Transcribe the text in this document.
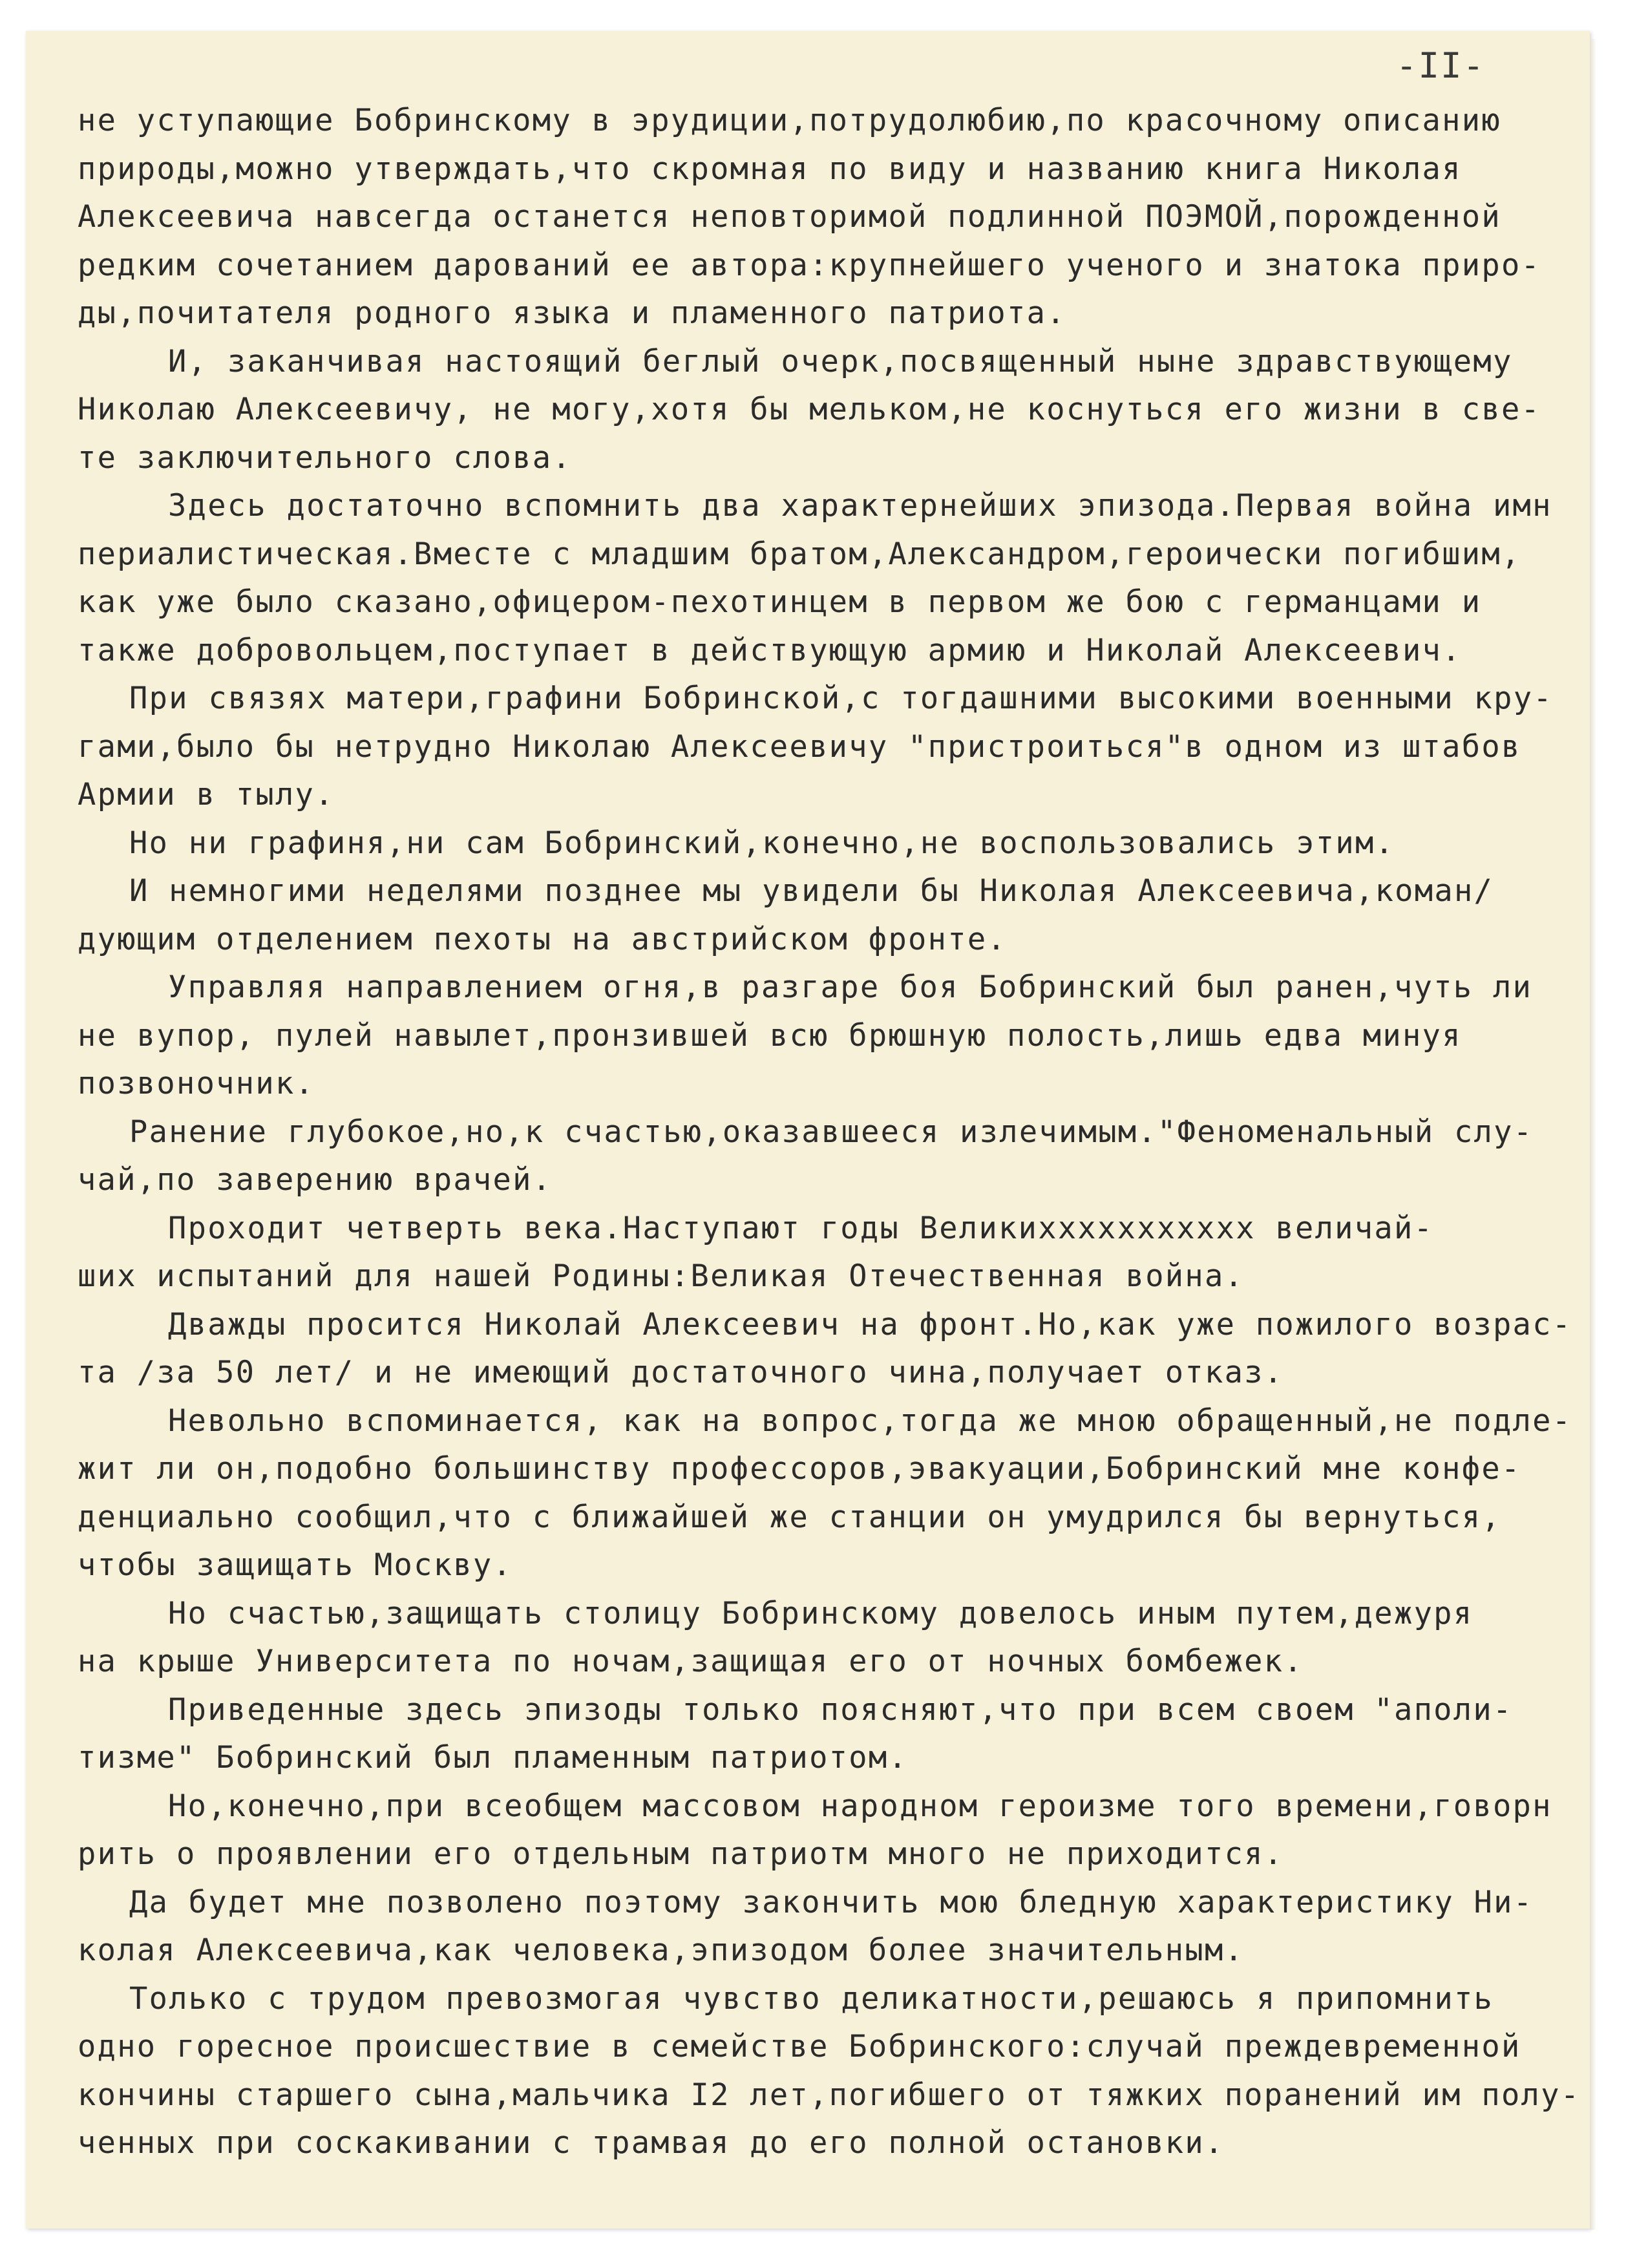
-II-
не уступающие Бобринскому в эрудиции,потрудолюбию,по красочному описанию
природы,можно утверждать,что скромная по виду и названию книга Николая
Алексеевича навсегда останется неповторимой подлинной ПОЭМОЙ,порожденной
редким сочетанием дарований ее автора:крупнейшего ученого и знатока приро-
ды,почитателя родного языка и пламенного патриота.
И, заканчивая настоящий беглый очерк,посвященный ныне здравствующему
Николаю Алексеевичу, не могу,хотя бы мельком,не коснуться его жизни в све-
те заключительного слова.
Здесь достаточно вспомнить два характернейших эпизода.Первая война имн
периалистическая.Вместе с младшим братом,Александром,героически погибшим,
как уже было сказано,офицером-пехотинцем в первом же бою с германцами и
также добровольцем,поступает в действующую армию и Николай Алексеевич.
При связях матери,графини Бобринской,с тогдашними высокими военными кру-
гами,было бы нетрудно Николаю Алексеевичу "пристроиться"в одном из штабов
Армии в тылу.
Но ни графиня,ни сам Бобринский,конечно,не воспользовались этим.
И немногими неделями позднее мы увидели бы Николая Алексеевича,коман/
дующим отделением пехоты на австрийском фронте.
Управляя направлением огня,в разгаре боя Бобринский был ранен,чуть ли
не вупор, пулей навылет,пронзившей всю брюшную полость,лишь едва минуя
позвоночник.
Ранение глубокое,но,к счастью,оказавшееся излечимым."Феноменальный слу-
чай,по заверению врачей.
Проходит четверть века.Наступают годы Великихxxxxxxxxxх величай-
ших испытаний для нашей Родины:Великая Отечественная война.
Дважды просится Николай Алексеевич на фронт.Но,как уже пожилого возрас-
та /за 50 лет/ и не имеющий достаточного чина,получает отказ.
Невольно вспоминается, как на вопрос,тогда же мною обращенный,не подле-
жит ли он,подобно большинству профессоров,эвакуации,Бобринский мне конфе-
денциально сообщил,что с ближайшей же станции он умудрился бы вернуться,
чтобы защищать Москву.
Но счастью,защищать столицу Бобринскому довелось иным путем,дежуря
на крыше Университета по ночам,защищая его от ночных бомбежек.
Приведенные здесь эпизоды только поясняют,что при всем своем "аполи-
тизме" Бобринский был пламенным патриотом.
Но,конечно,при всеобщем массовом народном героизме того времени,говорн
рить о проявлении его отдельным патриотм много не приходится.
Да будет мне позволено поэтому закончить мою бледную характеристику Ни-
колая Алексеевича,как человека,эпизодом более значительным.
Только с трудом превозмогая чувство деликатности,решаюсь я припомнить
одно горесное происшествие в семействе Бобринского:случай преждевременной
кончины старшего сына,мальчика I2 лет,погибшего от тяжких поранений им полу-
ченныx при соскакивании с трамвая до его полной остановки.
